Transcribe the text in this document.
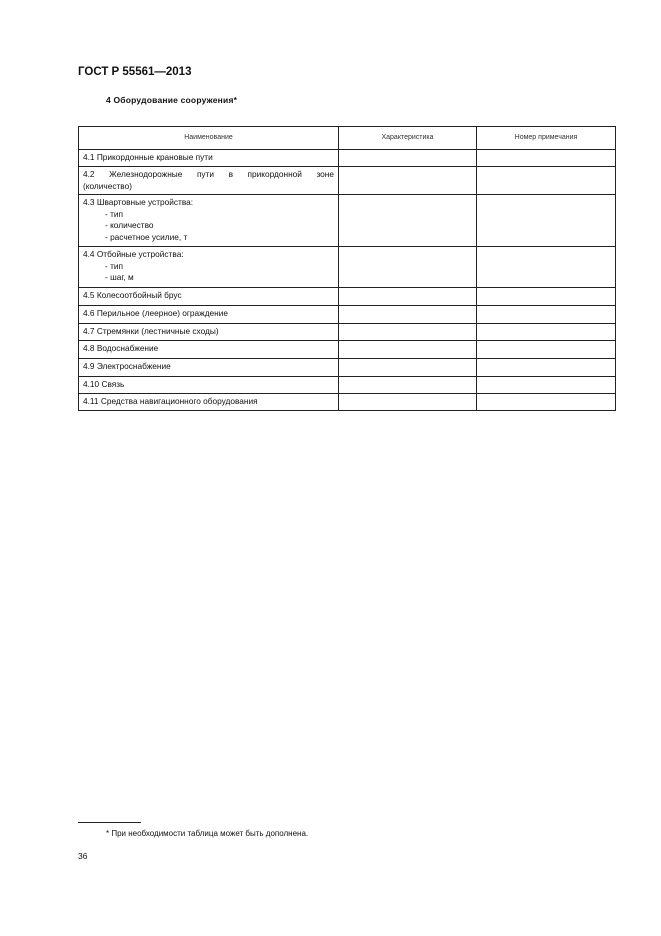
ГОСТ Р 55561—2013
4 Оборудование сооружения*
Наименование	Характеристика	Номер примечания
4.1 Прикордонные крановые пути		
4.2 Железнодорожные пути в прикордонной зоне (количество)		
4.3 Швартовные устройства:
- тип
- количество
- расчетное усилие, т		

4.4 Отбойные устройства:
- тип
- шаг, м		

4.5 Колесоотбойный брус		
4.6 Перильное (леерное) ограждение		
4.7 Стремянки (лестничные сходы)		
4.8 Водоснабжение		
4.9 Электроснабжение		
4.10 Связь		
4.11 Средства навигационного оборудования		
* При необходимости таблица может быть дополнена.
36
